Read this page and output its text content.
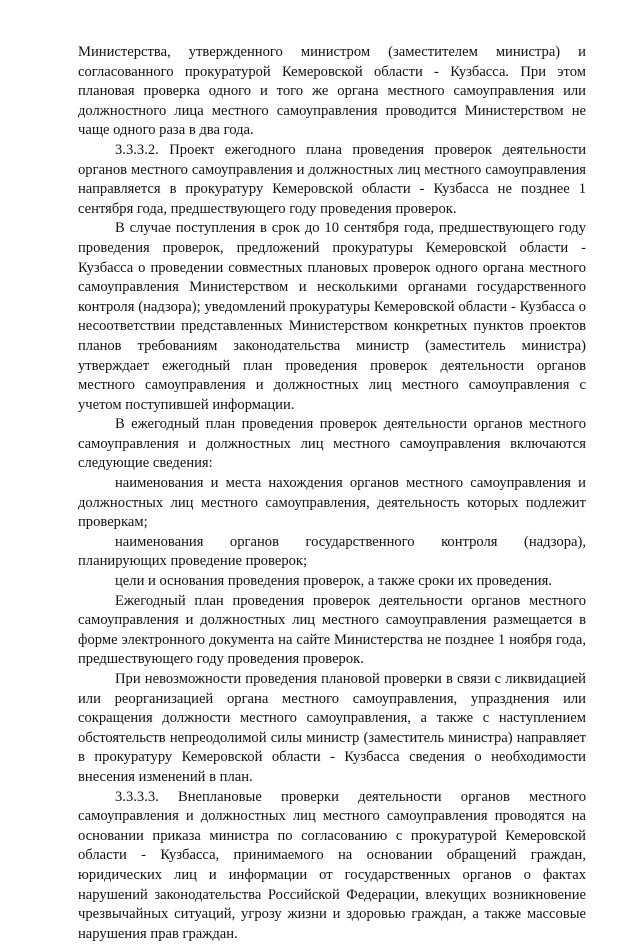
Министерства, утвержденного министром (заместителем министра) и согласованного прокуратурой Кемеровской области - Кузбасса. При этом плановая проверка одного и того же органа местного самоуправления или должностного лица местного самоуправления проводится Министерством не чаще одного раза в два года.

3.3.3.2. Проект ежегодного плана проведения проверок деятельности органов местного самоуправления и должностных лиц местного самоуправления направляется в прокуратуру Кемеровской области - Кузбасса не позднее 1 сентября года, предшествующего году проведения проверок.

В случае поступления в срок до 10 сентября года, предшествующего году проведения проверок, предложений прокуратуры Кемеровской области - Кузбасса о проведении совместных плановых проверок одного органа местного самоуправления Министерством и несколькими органами государственного контроля (надзора); уведомлений прокуратуры Кемеровской области - Кузбасса о несоответствии представленных Министерством конкретных пунктов проектов планов требованиям законодательства министр (заместитель министра) утверждает ежегодный план проведения проверок деятельности органов местного самоуправления и должностных лиц местного самоуправления с учетом поступившей информации.

В ежегодный план проведения проверок деятельности органов местного самоуправления и должностных лиц местного самоуправления включаются следующие сведения:

наименования и места нахождения органов местного самоуправления и должностных лиц местного самоуправления, деятельность которых подлежит проверкам;

наименования органов государственного контроля (надзора), планирующих проведение проверок;

цели и основания проведения проверок, а также сроки их проведения.

Ежегодный план проведения проверок деятельности органов местного самоуправления и должностных лиц местного самоуправления размещается в форме электронного документа на сайте Министерства не позднее 1 ноября года, предшествующего году проведения проверок.

При невозможности проведения плановой проверки в связи с ликвидацией или реорганизацией органа местного самоуправления, упразднения или сокращения должности местного самоуправления, а также с наступлением обстоятельств непреодолимой силы министр (заместитель министра) направляет в прокуратуру Кемеровской области - Кузбасса сведения о необходимости внесения изменений в план.

3.3.3.3. Внеплановые проверки деятельности органов местного самоуправления и должностных лиц местного самоуправления проводятся на основании приказа министра по согласованию с прокуратурой Кемеровской области - Кузбасса, принимаемого на основании обращений граждан, юридических лиц и информации от государственных органов о фактах нарушений законодательства Российской Федерации, влекущих возникновение чрезвычайных ситуаций, угрозу жизни и здоровью граждан, а также массовые нарушения прав граждан.
